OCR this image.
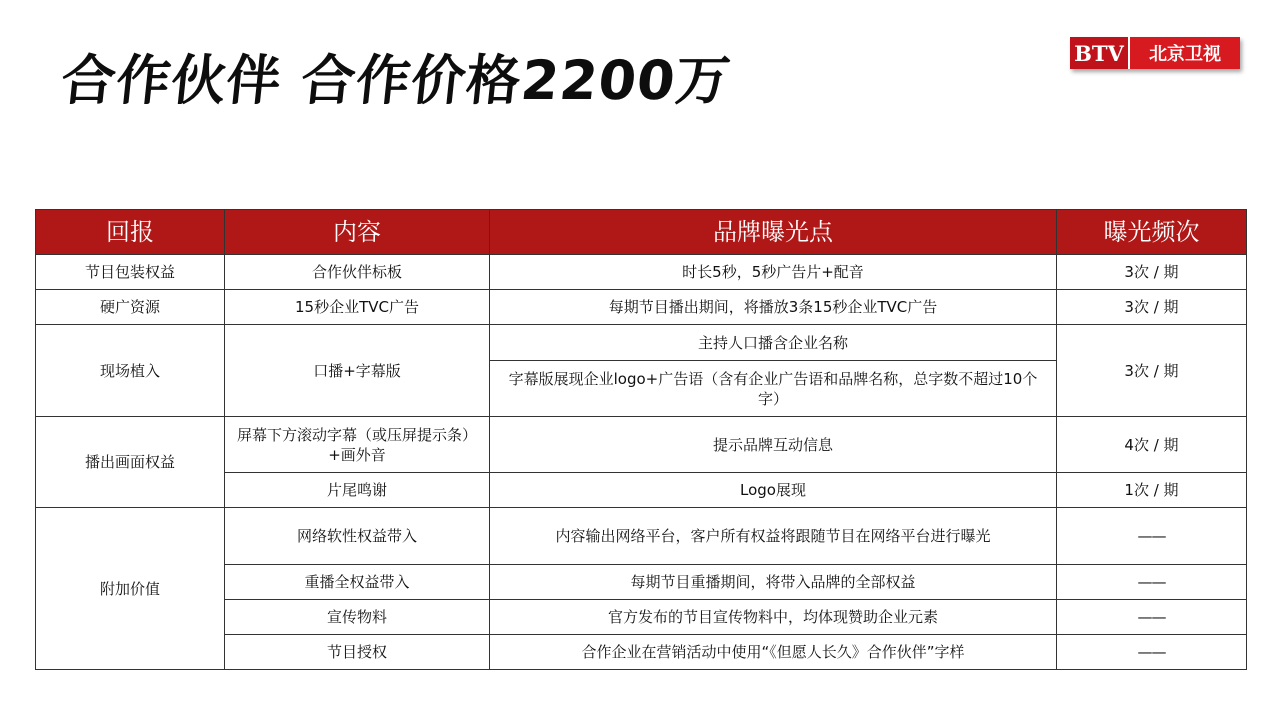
合作伙伴 合作价格2200万	BTV	北京卫视
回报	内容	品牌曝光点	曝光频次
节目包装权益	合作伙伴标板	时长5秒，5秒广告片+配音	3次 / 期
硬广资源	15秒企业TVC广告	每期节目播出期间，将播放3条15秒企业TVC广告	3次 / 期
现场植入	口播+字幕版	主持人口播含企业名称	3次 / 期
		字幕版展现企业logo+广告语（含有企业广告语和品牌名称，总字数不超过10个字）	
播出画面权益	屏幕下方滚动字幕（或压屏提示条）+画外音	提示品牌互动信息	4次 / 期
	片尾鸣谢	Logo展现	1次 / 期
附加价值	网络软性权益带入	内容输出网络平台，客户所有权益将跟随节目在网络平台进行曝光	——
	重播全权益带入	每期节目重播期间，将带入品牌的全部权益	——
	宣传物料	官方发布的节目宣传物料中，均体现赞助企业元素	——
	节目授权	合作企业在营销活动中使用“《但愿人长久》合作伙伴”字样	——
